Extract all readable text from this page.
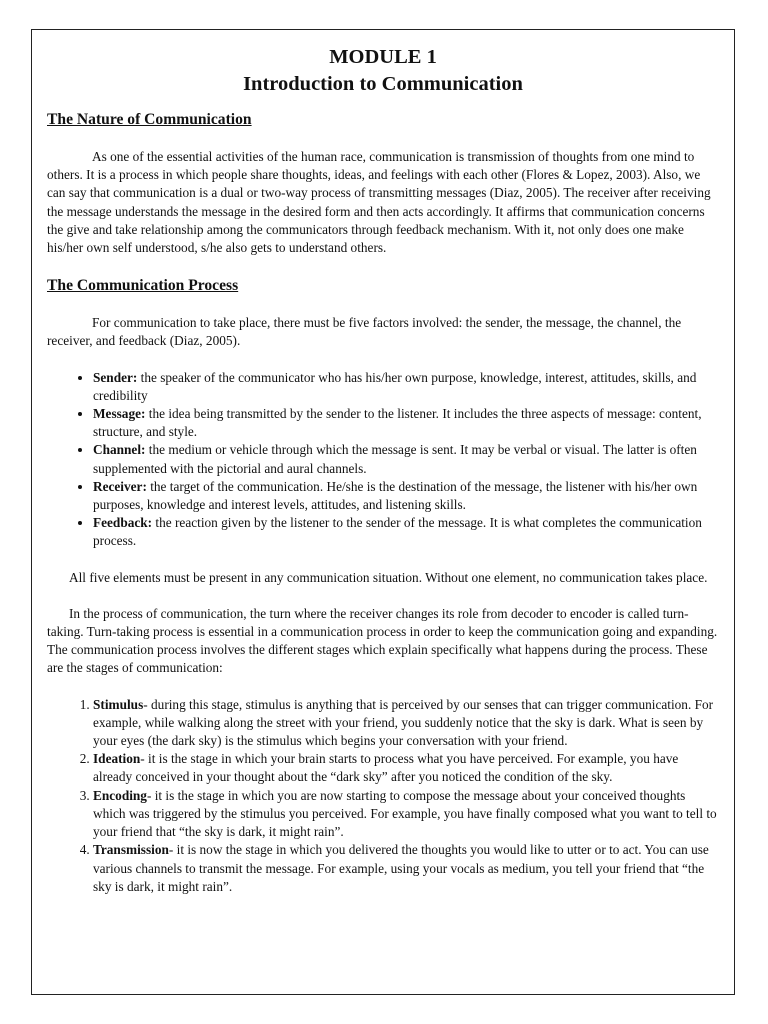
MODULE 1
Introduction to Communication
The Nature of Communication

As one of the essential activities of the human race, communication is transmission of thoughts from one mind to others. It is a process in which people share thoughts, ideas, and feelings with each other (Flores & Lopez, 2003). Also, we can say that communication is a dual or two-way process of transmitting messages (Diaz, 2005). The receiver after receiving the message understands the message in the desired form and then acts accordingly. It affirms that communication concerns the give and take relationship among the communicators through feedback mechanism. With it, not only does one make his/her own self understood, s/he also gets to understand others.

The Communication Process

For communication to take place, there must be five factors involved: the sender, the message, the channel, the receiver, and feedback (Diaz, 2005).

• Sender: the speaker of the communicator who has his/her own purpose, knowledge, interest, attitudes, skills, and credibility
• Message: the idea being transmitted by the sender to the listener. It includes the three aspects of message: content, structure, and style.
• Channel: the medium or vehicle through which the message is sent. It may be verbal or visual. The latter is often supplemented with the pictorial and aural channels.
• Receiver: the target of the communication. He/she is the destination of the message, the listener with his/her own purposes, knowledge and interest levels, attitudes, and listening skills.
• Feedback: the reaction given by the listener to the sender of the message. It is what completes the communication process.

All five elements must be present in any communication situation. Without one element, no communication takes place.

In the process of communication, the turn where the receiver changes its role from decoder to encoder is called turn-taking. Turn-taking process is essential in a communication process in order to keep the communication going and expanding. The communication process involves the different stages which explain specifically what happens during the process. These are the stages of communication:

1. Stimulus- during this stage, stimulus is anything that is perceived by our senses that can trigger communication. For example, while walking along the street with your friend, you suddenly notice that the sky is dark. What is seen by your eyes (the dark sky) is the stimulus which begins your conversation with your friend.
2. Ideation- it is the stage in which your brain starts to process what you have perceived. For example, you have already conceived in your thought about the “dark sky” after you noticed the condition of the sky.
3. Encoding- it is the stage in which you are now starting to compose the message about your conceived thoughts which was triggered by the stimulus you perceived. For example, you have finally composed what you want to tell to your friend that “the sky is dark, it might rain”.
4. Transmission- it is now the stage in which you delivered the thoughts you would like to utter or to act. You can use various channels to transmit the message. For example, using your vocals as medium, you tell your friend that “the sky is dark, it might rain”.
